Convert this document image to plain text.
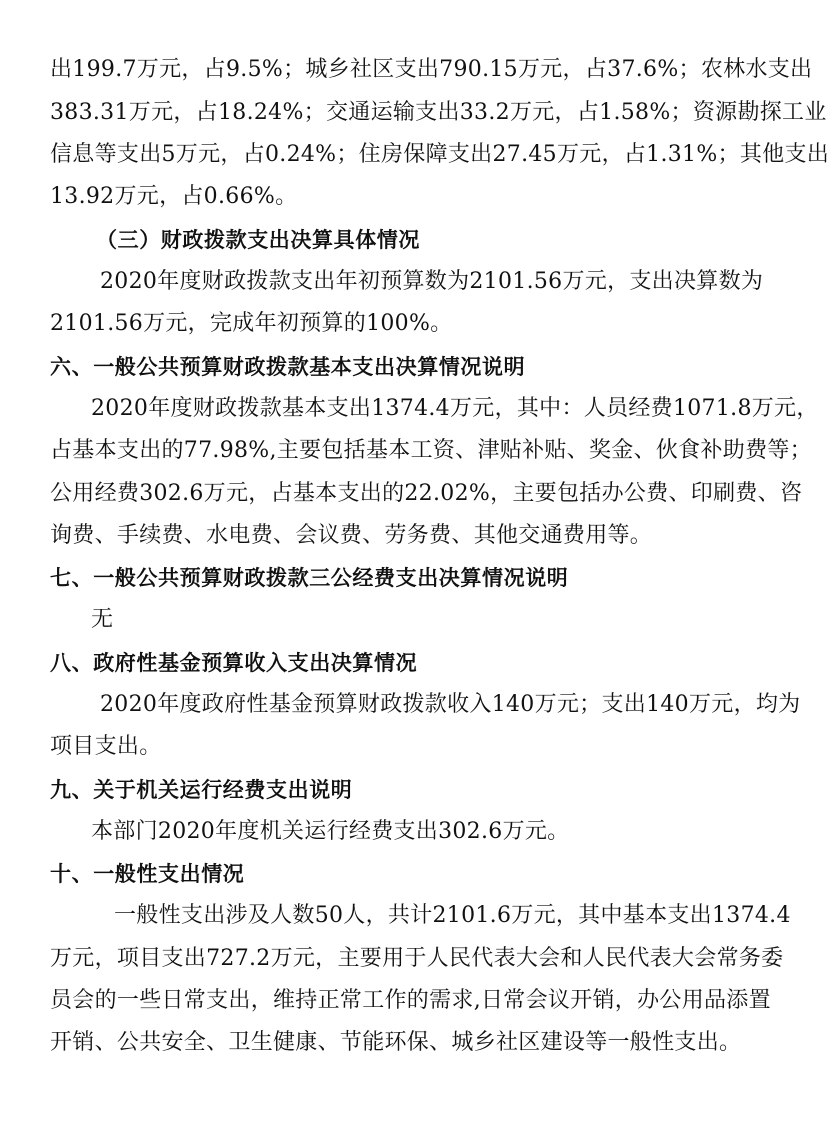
出199.7万元，占9.5%；城乡社区支出790.15万元，占37.6%；农林水支出
383.31万元，占18.24%；交通运输支出33.2万元，占1.58%；资源勘探工业
信息等支出5万元，占0.24%；住房保障支出27.45万元，占1.31%；其他支出
13.92万元，占0.66%。
（三）财政拨款支出决算具体情况
2020年度财政拨款支出年初预算数为2101.56万元，支出决算数为
2101.56万元，完成年初预算的100%。
六、一般公共预算财政拨款基本支出决算情况说明
2020年度财政拨款基本支出1374.4万元，其中：人员经费1071.8万元，
占基本支出的77.98%,主要包括基本工资、津贴补贴、奖金、伙食补助费等；
公用经费302.6万元，占基本支出的22.02%，主要包括办公费、印刷费、咨
询费、手续费、水电费、会议费、劳务费、其他交通费用等。
七、一般公共预算财政拨款三公经费支出决算情况说明
无
八、政府性基金预算收入支出决算情况
2020年度政府性基金预算财政拨款收入140万元；支出140万元，均为
项目支出。
九、关于机关运行经费支出说明
本部门2020年度机关运行经费支出302.6万元。
十、一般性支出情况
一般性支出涉及人数50人，共计2101.6万元，其中基本支出1374.4
万元，项目支出727.2万元，主要用于人民代表大会和人民代表大会常务委
员会的一些日常支出，维持正常工作的需求,日常会议开销，办公用品添置
开销、公共安全、卫生健康、节能环保、城乡社区建设等一般性支出。
